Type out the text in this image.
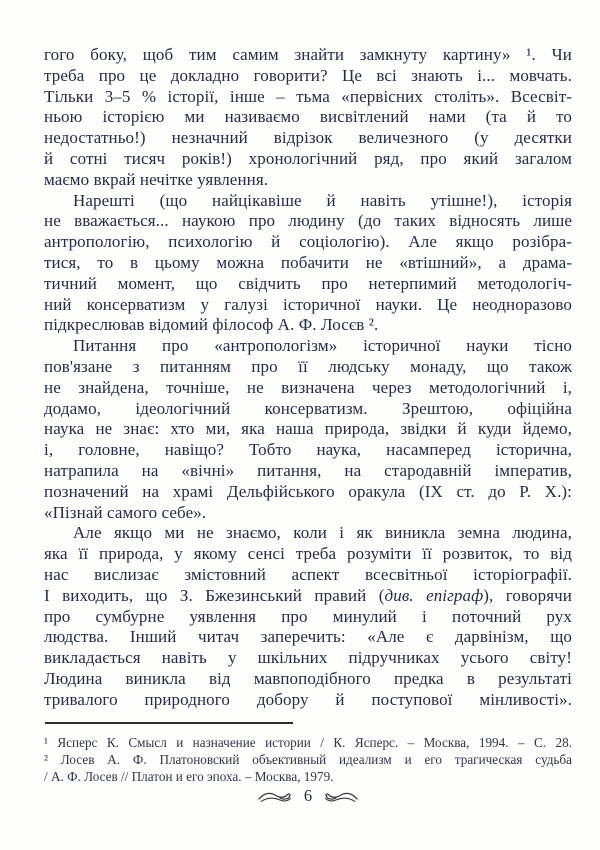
гого боку, щоб тим самим знайти замкнуту картину» ¹. Чи
треба про це докладно говорити? Це всі знають і... мовчать.
Тільки 3–5 % історії, інше – тьма «первісних століть». Всесвіт-
ньою історією ми називаємо висвітлений нами (та й то
недостатньо!) незначний відрізок величезного (у десятки
й сотні тисяч років!) хронологічний ряд, про який загалом
маємо вкрай нечітке уявлення.
Нарешті (що найцікавіше й навіть утішне!), історія
не вважається... наукою про людину (до таких відносять лише
антропологію, психологію й соціологію). Але якщо розібра-
тися, то в цьому можна побачити не «втішний», а драма-
тичний момент, що свідчить про нетерпимий методологіч-
ний консерватизм у галузі історичної науки. Це неодноразово
підкреслював відомий філософ А. Ф. Лосєв ².
Питання про «антропологізм» історичної науки тісно
пов'язане з питанням про її людську монаду, що також
не знайдена, точніше, не визначена через методологічний і,
додамо, ідеологічний консерватизм. Зрештою, офіційна
наука не знає: хто ми, яка наша природа, звідки й куди йдемо,
і, головне, навіщо? Тобто наука, насамперед історична,
натрапила на «вічні» питання, на стародавній імператив,
позначений на храмі Дельфійського оракула (IX ст. до Р. Х.):
«Пізнай самого себе».
Але якщо ми не знаємо, коли і як виникла земна людина,
яка її природа, у якому сенсі треба розуміти її розвиток, то від
нас вислизає змістовний аспект всесвітньої історіографії.
І виходить, що З. Бжезинський правий (див. епіграф), говорячи
про сумбурне уявлення про минулий і поточний рух
людства. Інший читач заперечить: «Але є дарвінізм, що
викладається навіть у шкільних підручниках усього світу!
Людина виникла від мавпоподібного предка в результаті
тривалого природного добору й поступової мінливості».
¹ Ясперс К. Смысл и назначение истории / К. Ясперс. – Москва, 1994. – С. 28.
² Лосев А. Ф. Платоновский объективный идеализм и его трагическая судьба
/ А. Ф. Лосев // Платон и его эпоха. – Москва, 1979.
6
